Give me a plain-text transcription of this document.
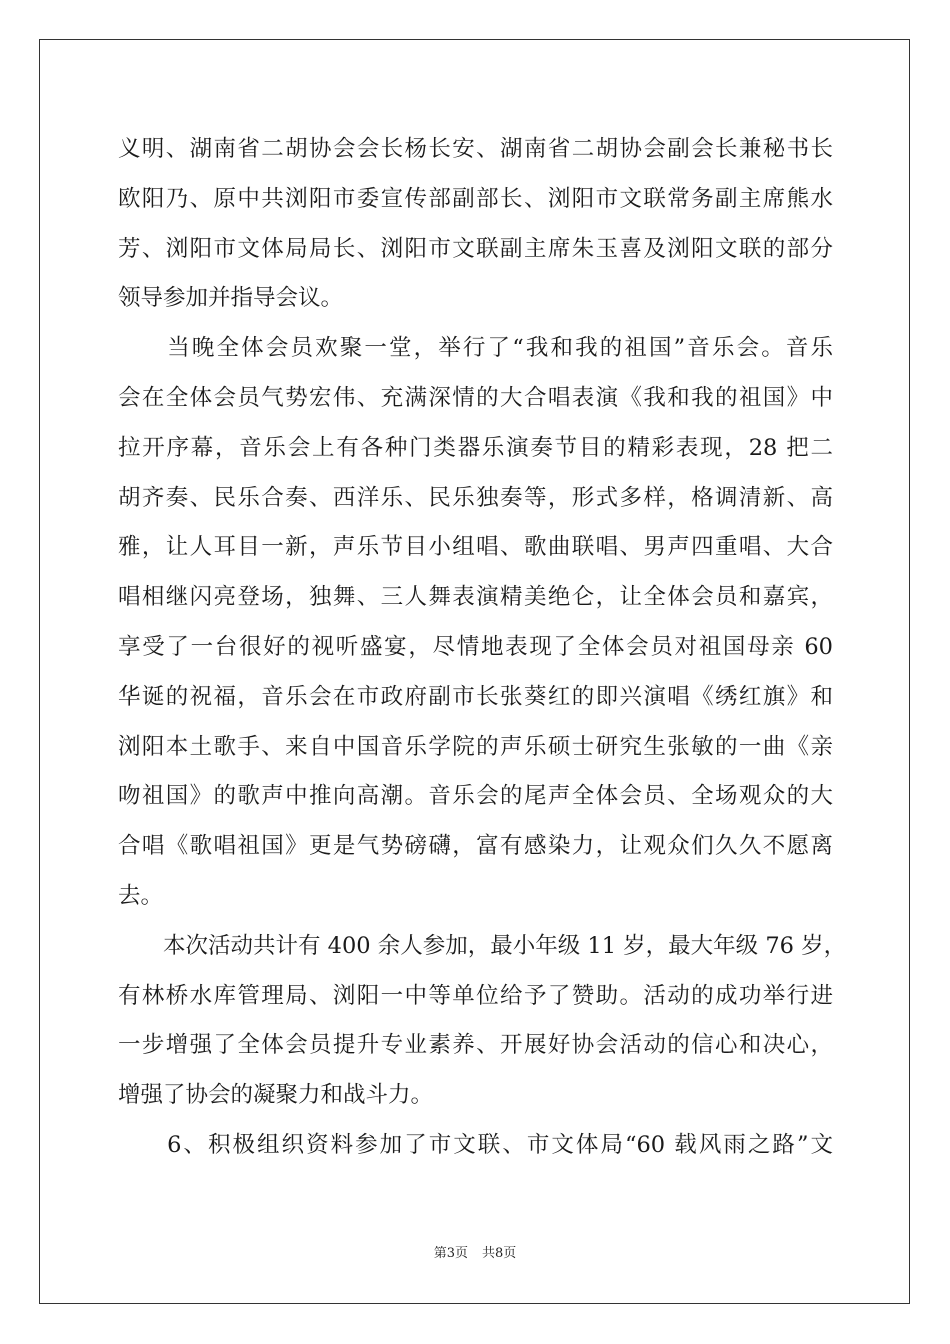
义明、湖南省二胡协会会长杨长安、湖南省二胡协会副会长兼秘书长
欧阳乃、原中共浏阳市委宣传部副部长、浏阳市文联常务副主席熊水
芳、浏阳市文体局局长、浏阳市文联副主席朱玉喜及浏阳文联的部分
领导参加并指导会议。
　　当晚全体会员欢聚一堂，举行了“我和我的祖国”音乐会。音乐
会在全体会员气势宏伟、充满深情的大合唱表演《我和我的祖国》中
拉开序幕，音乐会上有各种门类器乐演奏节目的精彩表现，28 把二
胡齐奏、民乐合奏、西洋乐、民乐独奏等，形式多样，格调清新、高
雅，让人耳目一新，声乐节目小组唱、歌曲联唱、男声四重唱、大合
唱相继闪亮登场，独舞、三人舞表演精美绝仑，让全体会员和嘉宾，
享受了一台很好的视听盛宴，尽情地表现了全体会员对祖国母亲 60
华诞的祝福，音乐会在市政府副市长张葵红的即兴演唱《绣红旗》和
浏阳本土歌手、来自中国音乐学院的声乐硕士研究生张敏的一曲《亲
吻祖国》的歌声中推向高潮。音乐会的尾声全体会员、全场观众的大
合唱《歌唱祖国》更是气势磅礴，富有感染力，让观众们久久不愿离
去。
　　本次活动共计有 400 余人参加，最小年级 11 岁，最大年级 76 岁，
有林桥水库管理局、浏阳一中等单位给予了赞助。活动的成功举行进
一步增强了全体会员提升专业素养、开展好协会活动的信心和决心，
增强了协会的凝聚力和战斗力。
　　6、积极组织资料参加了市文联、市文体局“60 载风雨之路”文
第3页 共8页
